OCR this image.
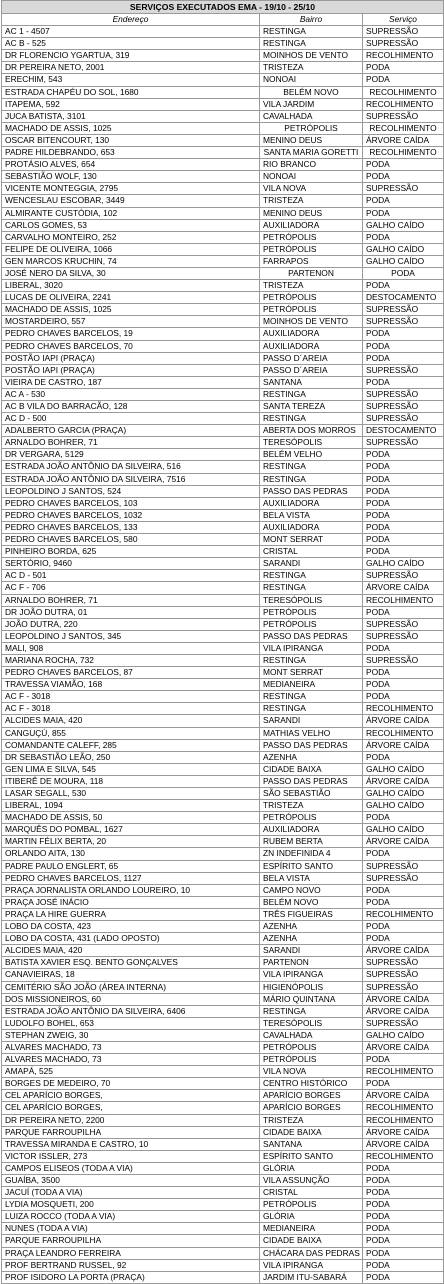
SERVIÇOS EXECUTADOS EMA - 19/10 - 25/10		
Endereço	Bairro	Serviço
AC 1 - 4507	RESTINGA	SUPRESSÃO
AC B - 525	RESTINGA	SUPRESSÃO
DR FLORENCIO YGARTUA, 319	MOINHOS DE VENTO	RECOLHIMENTO
DR PEREIRA NETO, 2001	TRISTEZA	PODA
ERECHIM, 543	NONOAI	PODA
ESTRADA CHAPÉU DO SOL, 1680	BELÉM NOVO	RECOLHIMENTO
ITAPEMA, 592	VILA JARDIM	RECOLHIMENTO
JUCA BATISTA, 3101	CAVALHADA	SUPRESSÃO
MACHADO DE ASSIS, 1025	PETRÓPOLIS	RECOLHIMENTO
OSCAR BITENCOURT, 130	MENINO DEUS	ÁRVORE CAÍDA
PADRE HILDEBRANDO, 653	SANTA MARIA GORETTI	RECOLHIMENTO
PROTÁSIO ALVES, 654	RIO BRANCO	PODA
SEBASTIÃO WOLF, 130	NONOAI	PODA
VICENTE MONTEGGIA, 2795	VILA NOVA	SUPRESSÃO
WENCESLAU ESCOBAR, 3449	TRISTEZA	PODA
ALMIRANTE CUSTÓDIA, 102	MENINO DEUS	PODA
CARLOS GOMES, 53	AUXILIADORA	GALHO CAÍDO
CARVALHO MONTEIRO, 252	PETRÓPOLIS	PODA
FELIPE DE OLIVEIRA, 1066	PETRÓPOLIS	GALHO CAÍDO
GEN MARCOS KRUCHIN, 74	FARRAPOS	GALHO CAÍDO
JOSÉ NERO DA SILVA, 30	PARTENON	PODA
LIBERAL, 3020	TRISTEZA	PODA
LUCAS DE OLIVEIRA, 2241	PETRÓPOLIS	DESTOCAMENTO
MACHADO DE ASSIS, 1025	PETRÓPOLIS	SUPRESSÃO
MOSTARDEIRO, 557	MOINHOS DE VENTO	SUPRESSÃO
PEDRO CHAVES BARCELOS, 19	AUXILIADORA	PODA
PEDRO CHAVES BARCELOS, 70	AUXILIADORA	PODA
POSTÃO IAPI (PRAÇA)	PASSO D´AREIA	PODA
POSTÃO IAPI (PRAÇA)	PASSO D´AREIA	SUPRESSÃO
VIEIRA DE CASTRO, 187	SANTANA	PODA
AC A - 530	RESTINGA	SUPRESSÃO
AC B VILA DO BARRACÃO, 128	SANTA TEREZA	SUPRESSÃO
AC D - 500	RESTINGA	SUPRESSÃO
ADALBERTO GARCIA (PRAÇA)	ABERTA DOS MORROS	DESTOCAMENTO
ARNALDO BOHRER, 71	TERESÓPOLIS	SUPRESSÃO
DR VERGARA, 5129	BELÉM VELHO	PODA
ESTRADA JOÃO ANTÔNIO DA SILVEIRA, 516	RESTINGA	PODA
ESTRADA JOÃO ANTÔNIO DA SILVEIRA, 7516	RESTINGA	PODA
LEOPOLDINO J SANTOS, 524	PASSO DAS PEDRAS	PODA
PEDRO CHAVES BARCELOS, 103	AUXILIADORA	PODA
PEDRO CHAVES BARCELOS, 1032	BELA VISTA	PODA
PEDRO CHAVES BARCELOS, 133	AUXILIADORA	PODA
PEDRO CHAVES BARCELOS, 580	MONT SERRAT	PODA
PINHEIRO BORDA, 625	CRISTAL	PODA
SERTÓRIO, 9460	SARANDI	GALHO CAÍDO
AC D - 501	RESTINGA	SUPRESSÃO
AC F - 706	RESTINGA	ÁRVORE CAÍDA
ARNALDO BOHRER, 71	TERESÓPOLIS	RECOLHIMENTO
DR JOÃO DUTRA, 01	PETRÓPOLIS	PODA
JOÃO DUTRA, 220	PETRÓPOLIS	SUPRESSÃO
LEOPOLDINO J SANTOS, 345	PASSO DAS PEDRAS	SUPRESSÃO
MALI, 908	VILA IPIRANGA	PODA
MARIANA ROCHA, 732	RESTINGA	SUPRESSÃO
PEDRO CHAVES BARCELOS, 87	MONT SERRAT	PODA
TRAVESSA VIAMÃO, 168	MEDIANEIRA	PODA
AC F - 3018	RESTINGA	PODA
AC F - 3018	RESTINGA	RECOLHIMENTO
ALCIDES MAIA, 420	SARANDI	ÁRVORE CAÍDA
CANGUÇÚ, 855	MATHIAS VELHO	RECOLHIMENTO
COMANDANTE CALEFF, 285	PASSO DAS PEDRAS	ÁRVORE CAÍDA
DR SEBASTIÃO LEÃO, 250	AZENHA	PODA
GEN LIMA E SILVA, 545	CIDADE BAIXA	GALHO CAÍDO
ITIBERÊ DE MOURA, 118	PASSO DAS PEDRAS	ÁRVORE CAÍDA
LASAR SEGALL, 530	SÃO SEBASTIÃO	GALHO CAÍDO
LIBERAL, 1094	TRISTEZA	GALHO CAÍDO
MACHADO DE ASSIS, 50	PETRÓPOLIS	PODA
MARQUÊS DO POMBAL, 1627	AUXILIADORA	GALHO CAÍDO
MARTIN FÉLIX BERTA, 20	RUBEM BERTA	ÁRVORE CAÍDA
ORLANDO AITA, 130	ZN INDEFINIDA 4	PODA
PADRE PAULO ENGLERT, 65	ESPÍRITO SANTO	SUPRESSÃO
PEDRO CHAVES BARCELOS, 1127	BELA VISTA	SUPRESSÃO
PRAÇA JORNALISTA ORLANDO LOUREIRO, 10	CAMPO NOVO	PODA
PRAÇA JOSÉ INÁCIO	BELÉM NOVO	PODA
PRAÇA LA HIRE GUERRA	TRÊS FIGUEIRAS	RECOLHIMENTO
LOBO DA COSTA, 423	AZENHA	PODA
LOBO DA COSTA, 431 (LADO OPOSTO)	AZENHA	PODA
ALCIDES MAIA, 420	SARANDI	ÁRVORE CAÍDA
BATISTA XAVIER ESQ. BENTO GONÇALVES	PARTENON	SUPRESSÃO
CANAVIEIRAS, 18	VILA IPIRANGA	SUPRESSÃO
CEMITÉRIO SÃO JOÃO (ÁREA INTERNA)	HIGIENÓPOLIS	SUPRESSÃO
DOS MISSIONEIROS, 60	MÁRIO QUINTANA	ÁRVORE CAÍDA
ESTRADA JOÃO ANTÔNIO DA SILVEIRA, 6406	RESTINGA	ÁRVORE CAÍDA
LUDOLFO BOHEL, 653	TERESÓPOLIS	SUPRESSÃO
STEPHAN ZWEIG, 30	CAVALHADA	GALHO CAÍDO
ALVARES MACHADO, 73	PETRÓPOLIS	ÁRVORE CAÍDA
ALVARES MACHADO, 73	PETRÓPOLIS	PODA
AMAPÁ, 525	VILA NOVA	RECOLHIMENTO
BORGES DE MEDEIRO, 70	CENTRO HISTÓRICO	PODA
CEL APARÍCIO BORGES,	APARÍCIO BORGES	ÁRVORE CAÍDA
CEL APARÍCIO BORGES,	APARÍCIO BORGES	RECOLHIMENTO
DR PEREIRA NETO, 2200	TRISTEZA	RECOLHIMENTO
PARQUE FARROUPILHA	CIDADE BAIXA	ÁRVORE CAÍDA
TRAVESSA MIRANDA E CASTRO, 10	SANTANA	ÁRVORE CAÍDA
VICTOR ISSLER, 273	ESPÍRITO SANTO	RECOLHIMENTO
CAMPOS ELISEOS (TODA A VIA)	GLÓRIA	PODA
GUAÍBA, 3500	VILA ASSUNÇÃO	PODA
JACUÍ (TODA A VIA)	CRISTAL	PODA
LYDIA MOSQUETI, 200	PETRÓPOLIS	PODA
LUIZA ROCCO (TODA A VIA)	GLÓRIA	PODA
NUNES (TODA A VIA)	MEDIANEIRA	PODA
PARQUE FARROUPILHA	CIDADE BAIXA	PODA
PRAÇA LEANDRO FERREIRA	CHÁCARA DAS PEDRAS	PODA
PROF BERTRAND RUSSEL, 92	VILA IPIRANGA	PODA
PROF ISIDORO LA PORTA (PRAÇA)	JARDIM ITU-SABARÁ	PODA
